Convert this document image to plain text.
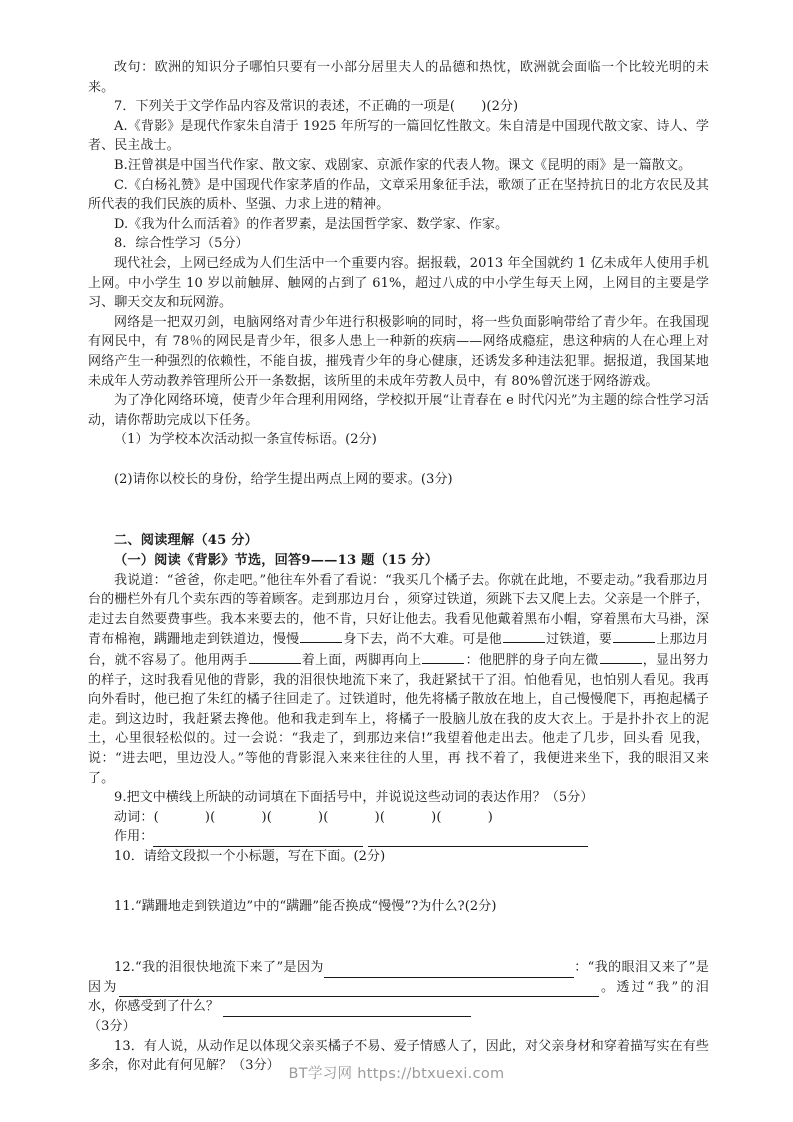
改句：欧洲的知识分子哪怕只要有一小部分居里夫人的品德和热忱，欧洲就会面临一个比较光明的未来。

7．下列关于文学作品内容及常识的表述，不正确的一项是(　　)(2分)

A.《背影》是现代作家朱自清于 1925 年所写的一篇回忆性散文。朱自清是中国现代散文家、诗人、学者、民主战士。

B.汪曾祺是中国当代作家、散文家、戏剧家、京派作家的代表人物。课文《昆明的雨》是一篇散文。

C.《白杨礼赞》是中国现代作家茅盾的作品，文章采用象征手法，歌颂了正在坚持抗日的北方农民及其所代表的我们民族的质朴、坚强、力求上进的精神。

D.《我为什么而活着》的作者罗素，是法国哲学家、数学家、作家。

8．综合性学习（5分）

现代社会，上网已经成为人们生活中一个重要内容。据报载，2013 年全国就约 1 亿未成年人使用手机上网。中小学生 10 岁以前触屏、触网的占到了 61%，超过八成的中小学生每天上网，上网目的主要是学习、聊天交友和玩网游。

网络是一把双刃剑，电脑网络对青少年进行积极影响的同时，将一些负面影响带给了青少年。在我国现有网民中，有 78％的网民是青少年，很多人患上一种新的疾病——网络成瘾症，患这种病的人在心理上对网络产生一种强烈的依赖性，不能自拔，摧残青少年的身心健康，还诱发多种违法犯罪。据报道，我国某地未成年人劳动教养管理所公开一条数据，该所里的未成年劳教人员中，有 80%曾沉迷于网络游戏。

为了净化网络环境，使青少年合理利用网络，学校拟开展“让青春在 e 时代闪光”为主题的综合性学习活动，请你帮助完成以下任务。

（1）为学校本次活动拟一条宣传标语。(2分)

(2)请你以校长的身份，给学生提出两点上网的要求。(3分)

二、阅读理解（45 分）

（一）阅读《背影》节选，回答9——13 题（15 分）

我说道：“爸爸，你走吧。”他往车外看了看说：“我买几个橘子去。你就在此地，不要走动。”我看那边月台的栅栏外有几个卖东西的等着顾客。走到那边月台 ，须穿过铁道，须跳下去又爬上去。父亲是一个胖子，走过去自然要费事些。我本来要去的，他不肯，只好让他去。我看见他戴着黑布小帽，穿着黑布大马褂，深青布棉袍，蹒跚地走到铁道边，慢慢	身下去，尚不大难。可是他	过铁道，要	上那边月台，就不容易了。他用两手	着上面，两脚再向上	：他肥胖的身子向左微	，显出努力的样子，这时我看见他的背影，我的泪很快地流下来了，我赶紧拭干了泪。怕他看见，也怕别人看见。我再向外看时，他已抱了朱红的橘子往回走了。过铁道时，他先将橘子散放在地上，自己慢慢爬下，再抱起橘子走。到这边时，我赶紧去搀他。他和我走到车上，将橘子一股脑儿放在我的皮大衣上。于是扑扑衣上的泥土，心里很轻松似的。过一会说：“我走了，到那边来信!”我望着他走出去。他走了几步，回头看 见我，说：“进去吧，里边没人。”等他的背影混入来来往往的人里，再 找不着了，我便进来坐下，我的眼泪又来了。

9.把文中横线上所缺的动词填在下面括号中，并说说这些动词的表达作用？（5分）

动词：(	)(	)(	)(	)(	)(	)

作用：

10．请给文段拟一个小标题，写在下面。(2分)

11.“蹒跚地走到铁道边”中的“蹒跚”能否换成“慢慢”?为什么?(2分)

12.“我的泪很快地流下来了”是因为	：“我的眼泪又来了”是因为	。透过“我”的泪水，你感受到了什么？

（3分）

13．有人说，从动作足以体现父亲买橘子不易、爱子情感人了，因此，对父亲身材和穿着描写实在有些多余，你对此有何见解？（3分）

BT学习网 https://btxuexi.com
